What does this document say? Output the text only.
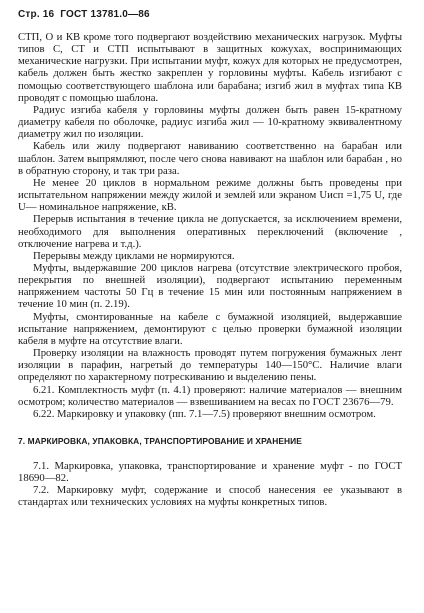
Стр. 16 ГОСТ 13781.0—86

СТП, О и КВ кроме того подвергают воздействию механических нагрузок. Муфты типов С, СТ и СТП испытывают в защитных кожухах, воспринимающих механические нагрузки. При испытании муфт, кожух для которых не предусмотрен, кабель должен быть жестко закреплен у горловины муфты. Кабель изгибают с помощью соответствующего шаблона или барабана; изгиб жил в муфтах типа КВ проводят с помощью шаблона.

Радиус изгиба кабеля у горловины муфты должен быть равен 15-кратному диаметру кабеля по оболочке, радиус изгиба жил — 10-кратному эквивалентному диаметру жил по изоляции.

Кабель или жилу подвергают навиванию соответственно на барабан или шаблон. Затем выпрямляют, после чего снова навивают на шаблон или барабан , но в обратную сторону, и так три раза.

Не менее 20 циклов в нормальном режиме должны быть проведены при испытательном напряжении между жилой и землей или экраном Uисп =1,75 U, где U— номинальное напряжение, кВ.

Перерыв испытания в течение цикла не допускается, за исключением времени, необходимого для выполнения оперативных переключений (включение , отключение нагрева и т.д.).

Перерывы между циклами не нормируются.

Муфты, выдержавшие 200 циклов нагрева (отсутствие электрического пробоя, перекрытия по внешней изоляции), подвергают испытанию переменным напряжением частоты 50 Гц в течение 15 мин или постоянным напряжением в течение 10 мин (п. 2.19).

Муфты, смонтированные на кабеле с бумажной изоляцией, выдержавшие испытание напряжением, демонтируют с целью проверки бумажной изоляции кабеля в муфте на отсутствие влаги.

Проверку изоляции на влажность проводят путем погружения бумажных лент изоляции в парафин, нагретый до температуры 140—150°С. Наличие влаги определяют по характерному потрескиванию и выделению пены.

6.21. Комплектность муфт (п. 4.1) проверяют: наличие материалов — внешним осмотром; количество материалов — взвешиванием на весах по ГОСТ 23676—79.

6.22. Маркировку и упаковку (пп. 7.1—7.5) проверяют внешним осмотром.

7. МАРКИРОВКА, УПАКОВКА, ТРАНСПОРТИРОВАНИЕ И ХРАНЕНИЕ

7.1. Маркировка, упаковка, транспортирование и хранение муфт - по ГОСТ 18690—82.

7.2. Маркировку муфт, содержание и способ нанесения ее указывают в стандартах или технических условиях на муфты конкретных типов.
